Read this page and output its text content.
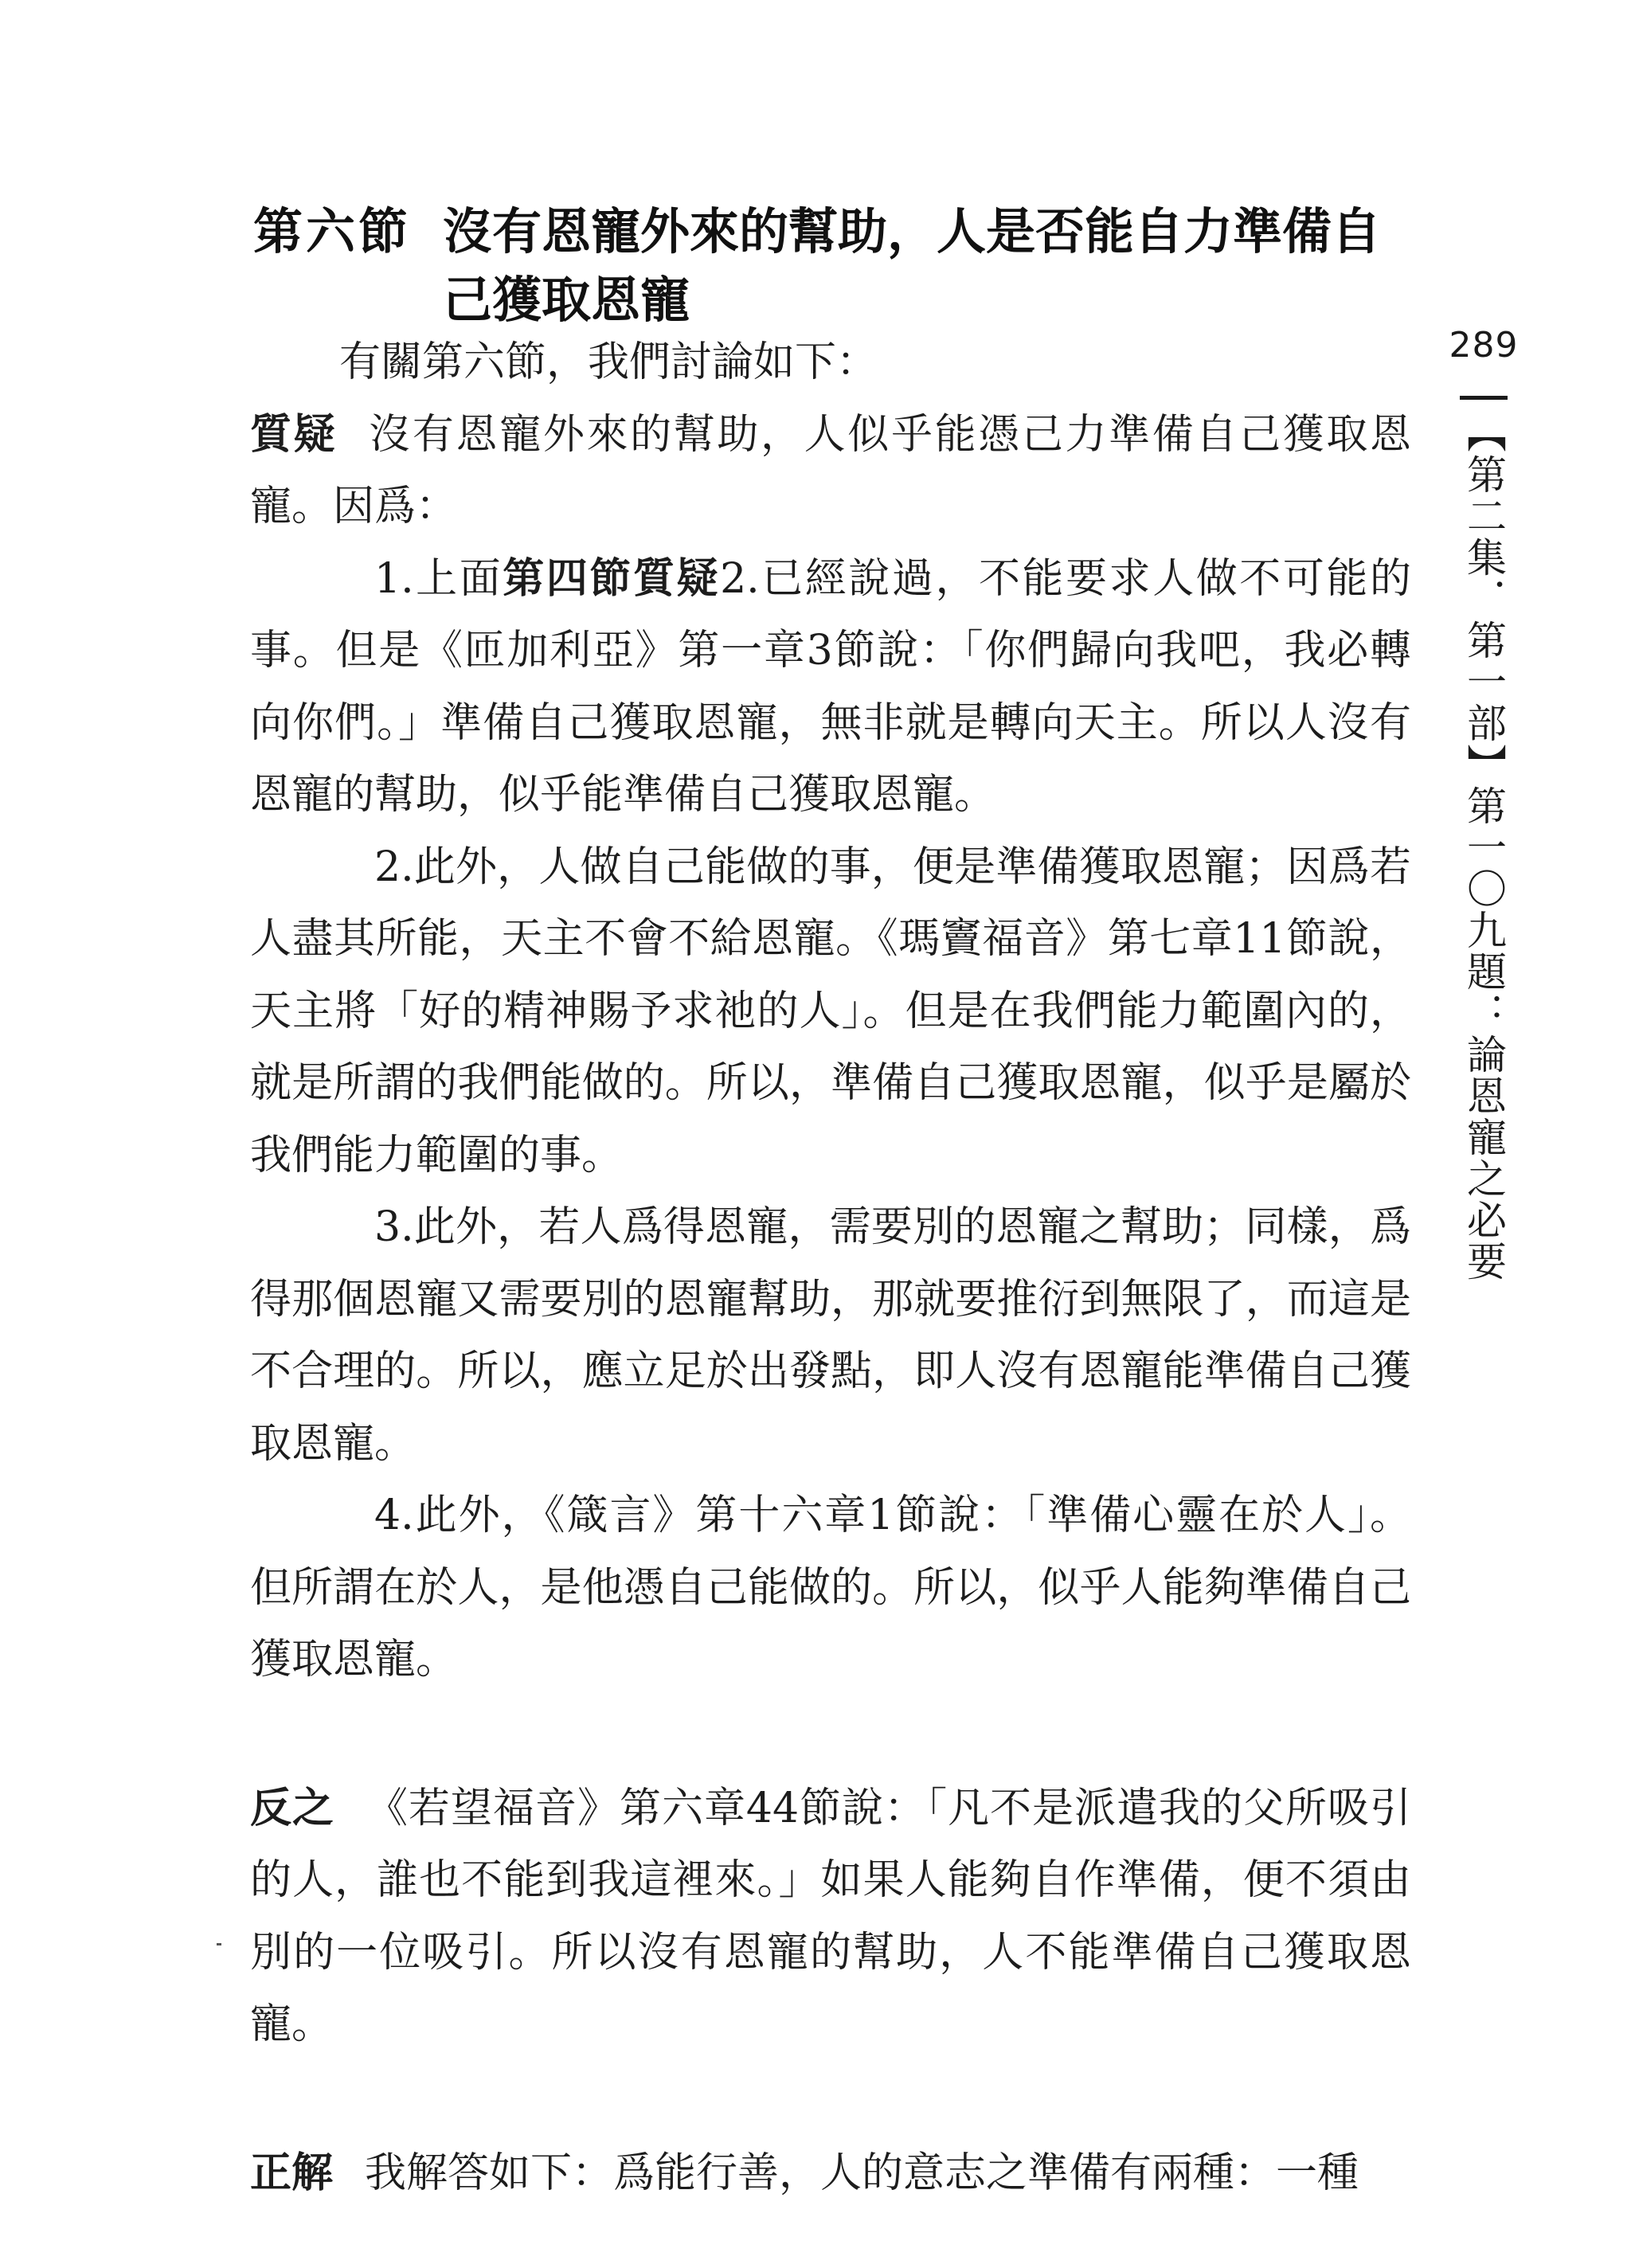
第六節 沒有恩寵外來的幫助，人是否能自力準備自己獲取恩寵

有關第六節，我們討論如下：

質疑 沒有恩寵外來的幫助，人似乎能憑己力準備自己獲取恩寵。因爲：

1.上面第四節質疑2.已經說過，不能要求人做不可能的事。但是《匝加利亞》第一章3節說：「你們歸向我吧，我必轉向你們。」準備自己獲取恩寵，無非就是轉向天主。所以人沒有恩寵的幫助，似乎能準備自己獲取恩寵。

2.此外，人做自己能做的事，便是準備獲取恩寵；因爲若人盡其所能，天主不會不給恩寵。《瑪竇福音》第七章11節說，天主將「好的精神賜予求祂的人」。但是在我們能力範圍內的，就是所謂的我們能做的。所以，準備自己獲取恩寵，似乎是屬於我們能力範圍的事。

3.此外，若人爲得恩寵，需要別的恩寵之幫助；同樣，爲得那個恩寵又需要別的恩寵幫助，那就要推衍到無限了，而這是不合理的。所以，應立足於出發點，即人沒有恩寵能準備自己獲取恩寵。

4.此外，《箴言》第十六章1節說：「準備心靈在於人」。但所謂在於人，是他憑自己能做的。所以，似乎人能夠準備自己獲取恩寵。

反之 《若望福音》第六章44節說：「凡不是派遣我的父所吸引的人，誰也不能到我這裡來。」如果人能夠自作準備，便不須由別的一位吸引。所以沒有恩寵的幫助，人不能準備自己獲取恩寵。

正解 我解答如下：爲能行善，人的意志之準備有兩種：一種

289
【第二集．第一部】第一〇九題：論恩寵之必要
